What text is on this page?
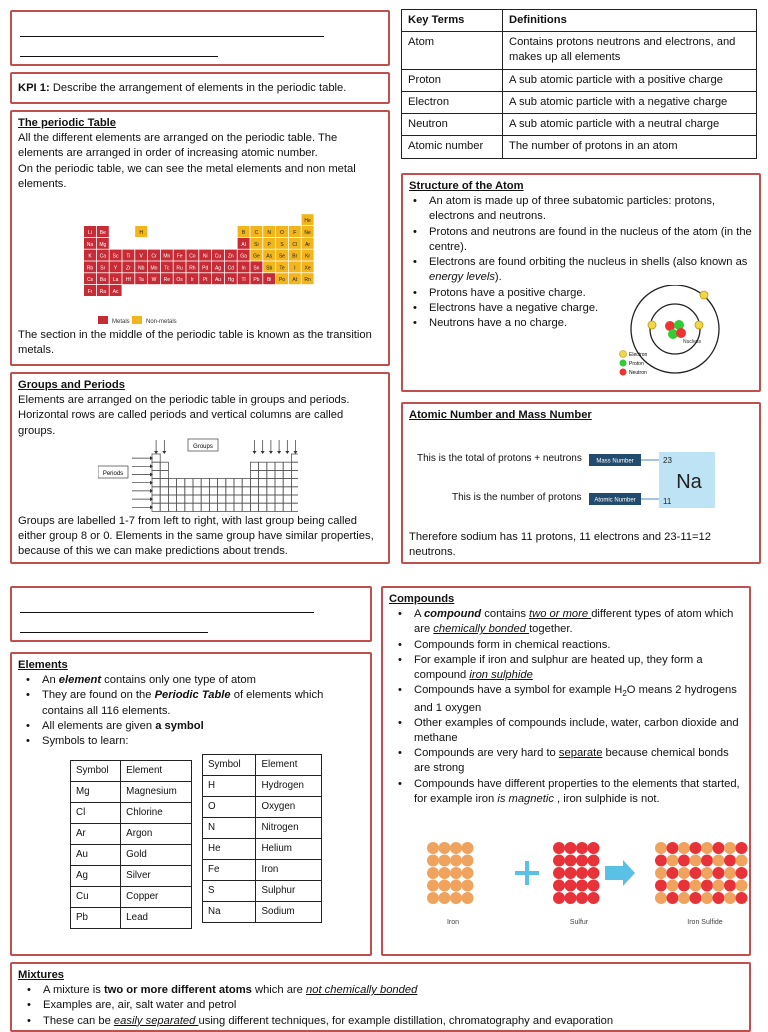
KPI 1: Describe the arrangement of elements in the periodic table.
The periodic Table

All the different elements are arranged on the periodic table. The elements are arranged in order of increasing atomic number.

On the periodic table, we can see the metal elements and non metal elements.

H
He
Li Be	B C N O F Ne
Na Mg	Al Si P S Cl Ar
K Ca Sc Ti V Cr Mn Fe Co Ni Cu Zn Ga Ge As Se Br Kr
Rb Sr Y Zr Nb Mo Tc Ru Rh Pd Ag Cd In Sn Sb Te I Xe
Cs Ba La Hf Ta W Re Os Ir Pt Au Hg Tl Pb Bi Po At Rn
Fr Ra Ac
Metals	Non-metals

The section in the middle of the periodic table is known as the transition metals.

Groups and Periods

Elements are arranged on the periodic table in groups and periods. Horizontal rows are called periods and vertical columns are called groups.

Periods
Groups

Groups are labelled 1-7 from left to right, with last group being called either group 8 or 0. Elements in the same group have similar properties, because of this we can make predictions about trends.

Key Terms	Definitions
Atom	Contains protons neutrons and electrons, and makes up all elements
Proton	A sub atomic particle with a positive charge
Electron	A sub atomic particle with a negative charge
Neutron	A sub atomic particle with a neutral charge
Atomic number	The number of protons in an atom
Structure of the Atom
• An atom is made up of three subatomic particles: protons, electrons and neutrons.
• Protons and neutrons are found in the nucleus of the atom (in the centre).
• Electrons are found orbiting the nucleus in shells (also known as energy levels).
• Protons have a positive charge.
• Electrons have a negative charge.
• Neutrons have a no charge.
Nucleus
Electron
Proton
Neutron
Atomic Number and Mass Number
This is the total of protons + neutrons
This is the number of protons
Mass Number
Atomic Number
23
11
Na

Therefore sodium has 11 protons, 11 electrons and 23-11=12 neutrons.

Elements
• An element contains only one type of atom
• They are found on the Periodic Table of elements which contains all 116 elements.
• All elements are given a symbol
• Symbols to learn:
Symbol	Element
Mg	Magnesium
Cl	Chlorine
Ar	Argon
Au	Gold
Ag	Silver
Cu	Copper
Pb	Lead
Symbol	Element
H	Hydrogen
O	Oxygen
N	Nitrogen
He	Helium
Fe	Iron
S	Sulphur
Na	Sodium
Compounds
• A compound contains two or more different types of atom which are chemically bonded together.
• Compounds form in chemical reactions.
• For example if iron and sulphur are heated up, they form a compound iron sulphide
• Compounds have a symbol for example $H_2O$ means 2 hydrogens and 1 oxygen
• Other examples of compounds include, water, carbon dioxide and methane
• Compounds are very hard to separate because chemical bonds are strong
• Compounds have different properties to the elements that started, for example iron is magnetic , iron sulphide is not.
Iron	Sulfur	Iron Sulfide
Mixtures
• A mixture is two or more different atoms which are not chemically bonded
• Examples are, air, salt water and petrol
• These can be easily separated using different techniques, for example distillation, chromatography and evaporation
